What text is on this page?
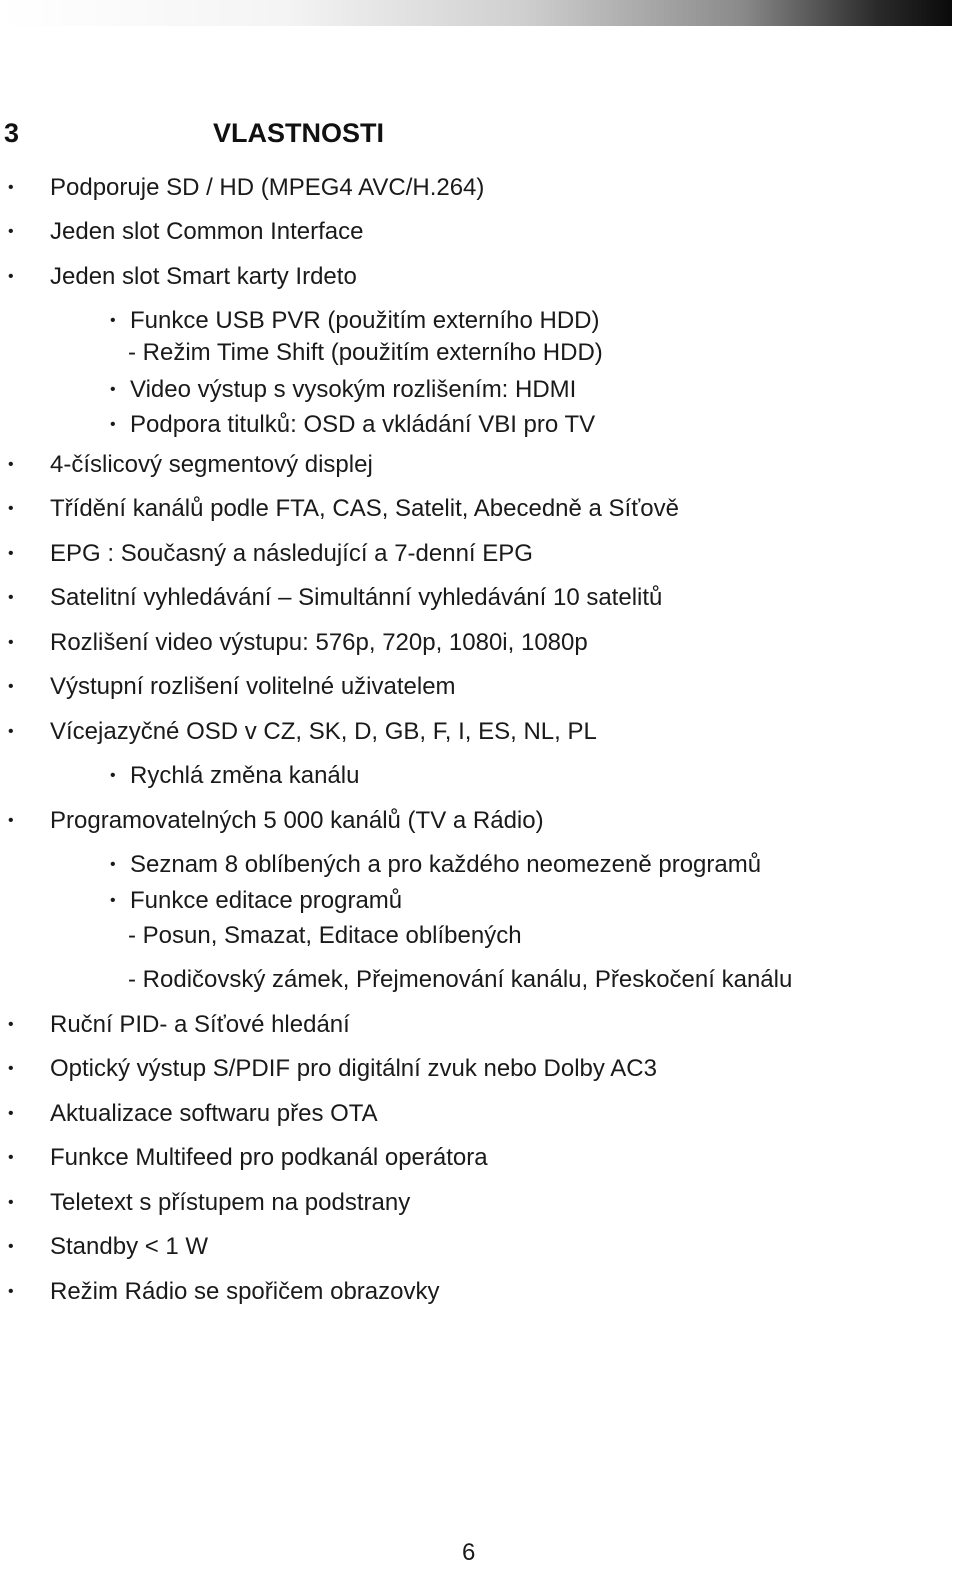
3	VLASTNOSTI
• Podporuje SD / HD (MPEG4 AVC/H.264)
• Jeden slot Common Interface
• Jeden slot Smart karty Irdeto
• Funkce USB PVR (použitím externího HDD)
- Režim Time Shift (použitím externího HDD)
• Video výstup s vysokým rozlišením: HDMI
• Podpora titulků: OSD a vkládání VBI pro TV
• 4-číslicový segmentový displej
• Třídění kanálů podle FTA, CAS, Satelit, Abecedně a Síťově
• EPG : Současný a následující a 7-denní EPG
• Satelitní vyhledávání – Simultánní vyhledávání 10 satelitů
• Rozlišení video výstupu: 576p, 720p, 1080i, 1080p
• Výstupní rozlišení volitelné uživatelem
• Vícejazyčné OSD v CZ, SK, D, GB, F, I, ES, NL, PL
• Rychlá změna kanálu
• Programovatelných 5 000 kanálů (TV a Rádio)
• Seznam 8 oblíbených a pro každého neomezeně programů
• Funkce editace programů
- Posun, Smazat, Editace oblíbených
- Rodičovský zámek, Přejmenování kanálu, Přeskočení kanálu
• Ruční PID- a Síťové hledání
• Optický výstup S/PDIF pro digitální zvuk nebo Dolby AC3
• Aktualizace softwaru přes OTA
• Funkce Multifeed pro podkanál operátora
• Teletext s přístupem na podstrany
• Standby < 1 W
• Režim Rádio se spořičem obrazovky
6
